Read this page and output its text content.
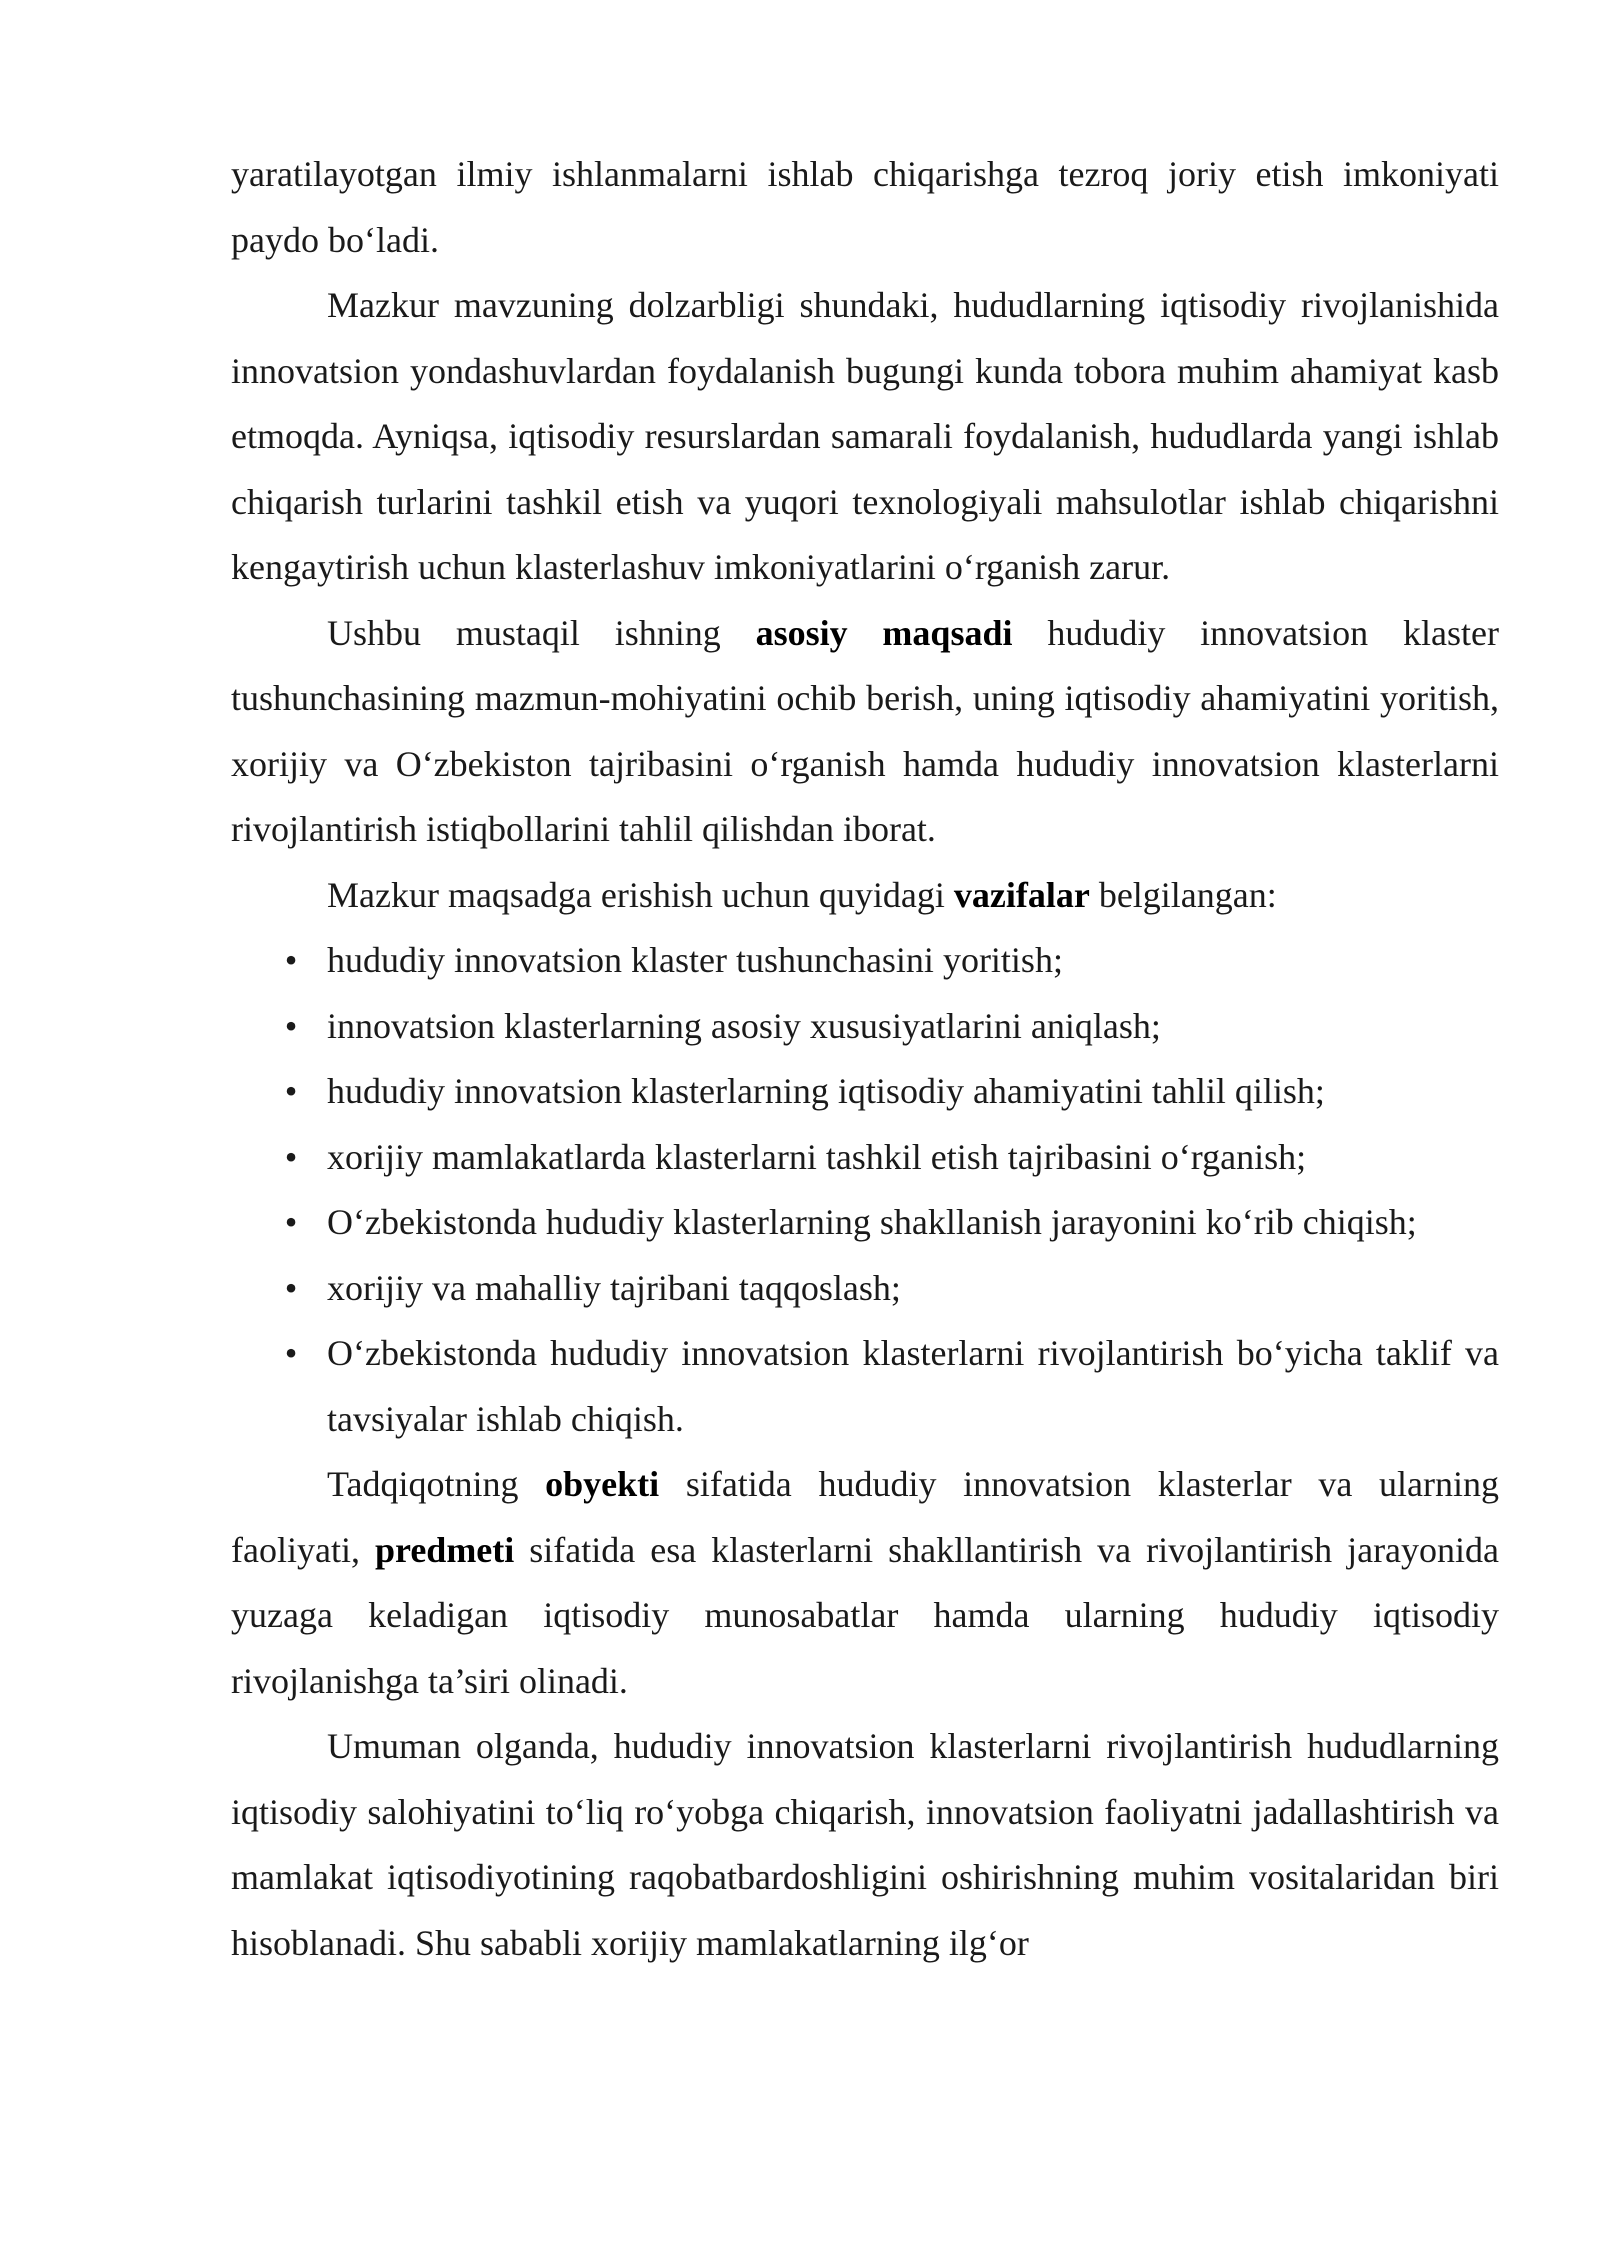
yaratilayotgan ilmiy ishlanmalarni ishlab chiqarishga tezroq joriy etish imkoniyati paydo bo‘ladi.

Mazkur mavzuning dolzarbligi shundaki, hududlarning iqtisodiy rivojlanishida innovatsion yondashuvlardan foydalanish bugungi kunda tobora muhim ahamiyat kasb etmoqda. Ayniqsa, iqtisodiy resurslardan samarali foydalanish, hududlarda yangi ishlab chiqarish turlarini tashkil etish va yuqori texnologiyali mahsulotlar ishlab chiqarishni kengaytirish uchun klasterlashuv imkoniyatlarini o‘rganish zarur.

Ushbu mustaqil ishning asosiy maqsadi hududiy innovatsion klaster tushunchasining mazmun-mohiyatini ochib berish, uning iqtisodiy ahamiyatini yoritish, xorijiy va O‘zbekiston tajribasini o‘rganish hamda hududiy innovatsion klasterlarni rivojlantirish istiqbollarini tahlil qilishdan iborat.

Mazkur maqsadga erishish uchun quyidagi vazifalar belgilangan:

• hududiy innovatsion klaster tushunchasini yoritish;
• innovatsion klasterlarning asosiy xususiyatlarini aniqlash;
• hududiy innovatsion klasterlarning iqtisodiy ahamiyatini tahlil qilish;
• xorijiy mamlakatlarda klasterlarni tashkil etish tajribasini o‘rganish;
• O‘zbekistonda hududiy klasterlarning shakllanish jarayonini ko‘rib chiqish;
• xorijiy va mahalliy tajribani taqqoslash;
• O‘zbekistonda hududiy innovatsion klasterlarni rivojlantirish bo‘yicha taklif va tavsiyalar ishlab chiqish.

Tadqiqotning obyekti sifatida hududiy innovatsion klasterlar va ularning faoliyati, predmeti sifatida esa klasterlarni shakllantirish va rivojlantirish jarayonida yuzaga keladigan iqtisodiy munosabatlar hamda ularning hududiy iqtisodiy rivojlanishga ta’siri olinadi.

Umuman olganda, hududiy innovatsion klasterlarni rivojlantirish hududlarning iqtisodiy salohiyatini to‘liq ro‘yobga chiqarish, innovatsion faoliyatni jadallashtirish va mamlakat iqtisodiyotining raqobatbardoshligini oshirishning muhim vositalaridan biri hisoblanadi. Shu sababli xorijiy mamlakatlarning ilg‘or
